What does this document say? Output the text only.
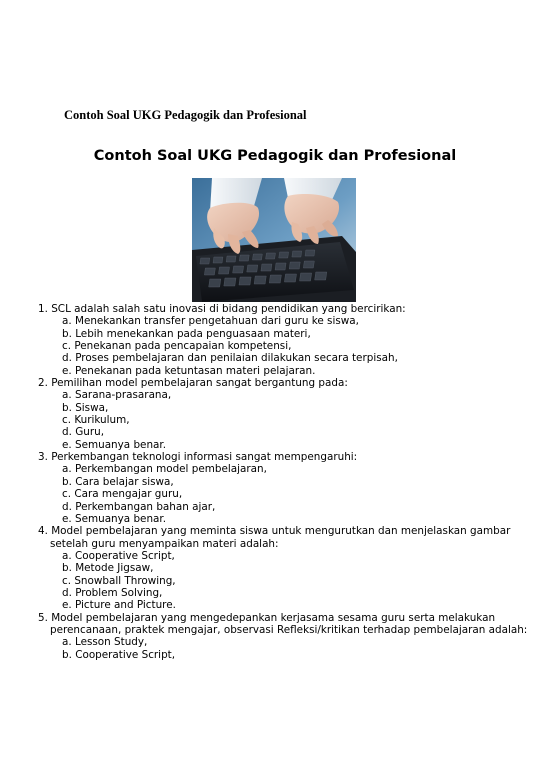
Contoh Soal UKG Pedagogik dan Profesional
Contoh Soal UKG Pedagogik dan Profesional
1. SCL adalah salah satu inovasi di bidang pendidikan yang bercirikan:
a. Menekankan transfer pengetahuan dari guru ke siswa,
b. Lebih menekankan pada penguasaan materi,
c. Penekanan pada pencapaian kompetensi,
d. Proses pembelajaran dan penilaian dilakukan secara terpisah,
e. Penekanan pada ketuntasan materi pelajaran.
2. Pemilihan model pembelajaran sangat bergantung pada:
a. Sarana-prasarana,
b. Siswa,
c. Kurikulum,
d. Guru,
e. Semuanya benar.
3. Perkembangan teknologi informasi sangat mempengaruhi:
a. Perkembangan model pembelajaran,
b. Cara belajar siswa,
c. Cara mengajar guru,
d. Perkembangan bahan ajar,
e. Semuanya benar.
4. Model pembelajaran yang meminta siswa untuk mengurutkan dan menjelaskan gambar setelah guru menyampaikan materi adalah:
a. Cooperative Script,
b. Metode Jigsaw,
c. Snowball Throwing,
d. Problem Solving,
e. Picture and Picture.
5. Model pembelajaran yang mengedepankan kerjasama sesama guru serta melakukan perencanaan, praktek mengajar, observasi Refleksi/kritikan terhadap pembelajaran adalah:
a. Lesson Study,
b. Cooperative Script,
